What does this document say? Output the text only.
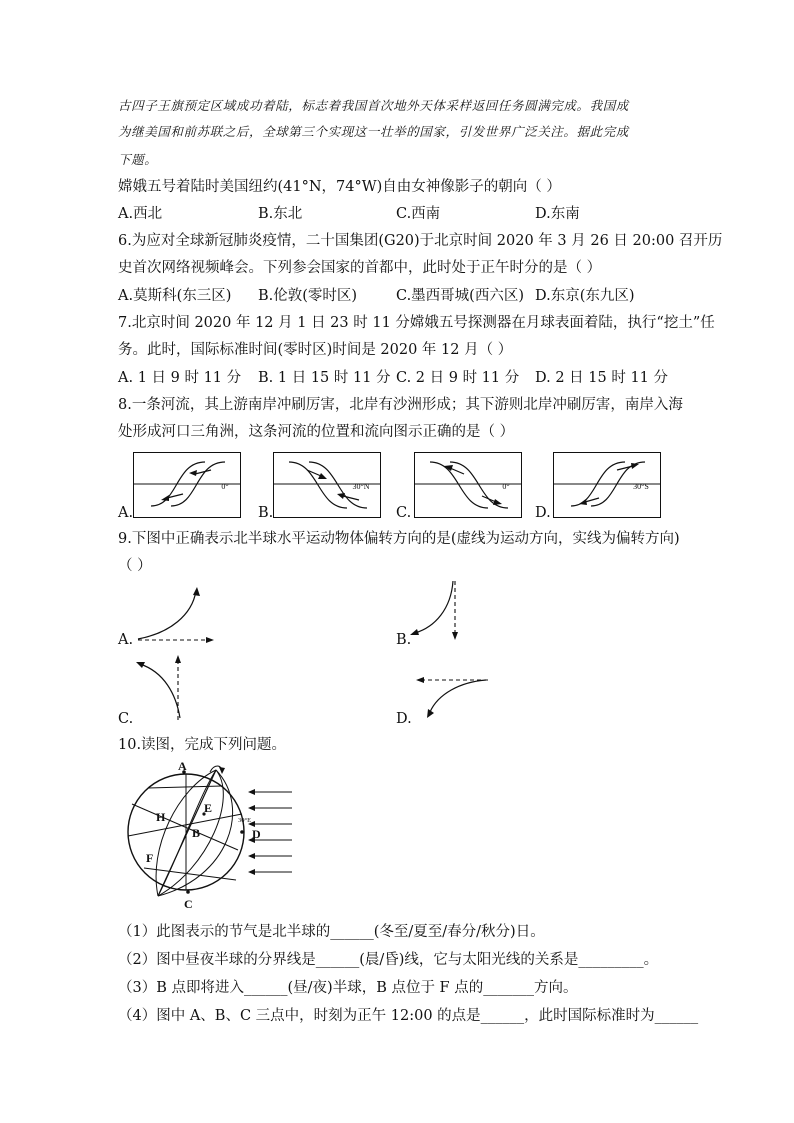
古四子王旗预定区域成功着陆，标志着我国首次地外天体采样返回任务圆满完成。我国成
为继美国和前苏联之后，全球第三个实现这一壮举的国家，引发世界广泛关注。据此完成
下题。
嫦娥五号着陆时美国纽约(41°N，74°W)自由女神像影子的朝向（ ）
A.西北	B.东北	C.西南	D.东南
6.为应对全球新冠肺炎疫情，二十国集团(G20)于北京时间 2020 年 3 月 26 日 20:00 召开历
史首次网络视频峰会。下列参会国家的首都中，此时处于正午时分的是（ ）
A.莫斯科(东三区) B.伦敦(零时区)	C.墨西哥城(西六区) D.东京(东九区)
7.北京时间 2020 年 12 月 1 日 23 时 11 分嫦娥五号探测器在月球表面着陆，执行“挖土”任
务。此时，国际标准时间(零时区)时间是 2020 年 12 月（ ）
A. 1 日 9 时 11 分 B. 1 日 15 时 11 分 C. 2 日 9 时 11 分 D. 2 日 15 时 11 分
8.一条河流，其上游南岸冲刷厉害，北岸有沙洲形成；其下游则北岸冲刷厉害，南岸入海
处形成河口三角洲，这条河流的位置和流向图示正确的是（ ）
A.
0°
B.
30°N
C.
0°
D.
30°S
9.下图中正确表示北半球水平运动物体偏转方向的是(虚线为运动方向，实线为偏转方向)
（ ）
A.	B.
C.	D.
10.读图，完成下列问题。
A
E
H
B	D
F
C
30°E
（1）此图表示的节气是北半球的______(冬至/夏至/春分/秋分)日。
（2）图中昼夜半球的分界线是______(晨/昏)线，它与太阳光线的关系是_________。
（3）B 点即将进入______(昼/夜)半球，B 点位于 F 点的_______方向。
（4）图中 A、B、C 三点中，时刻为正午 12:00 的点是______，此时国际标准时为______
